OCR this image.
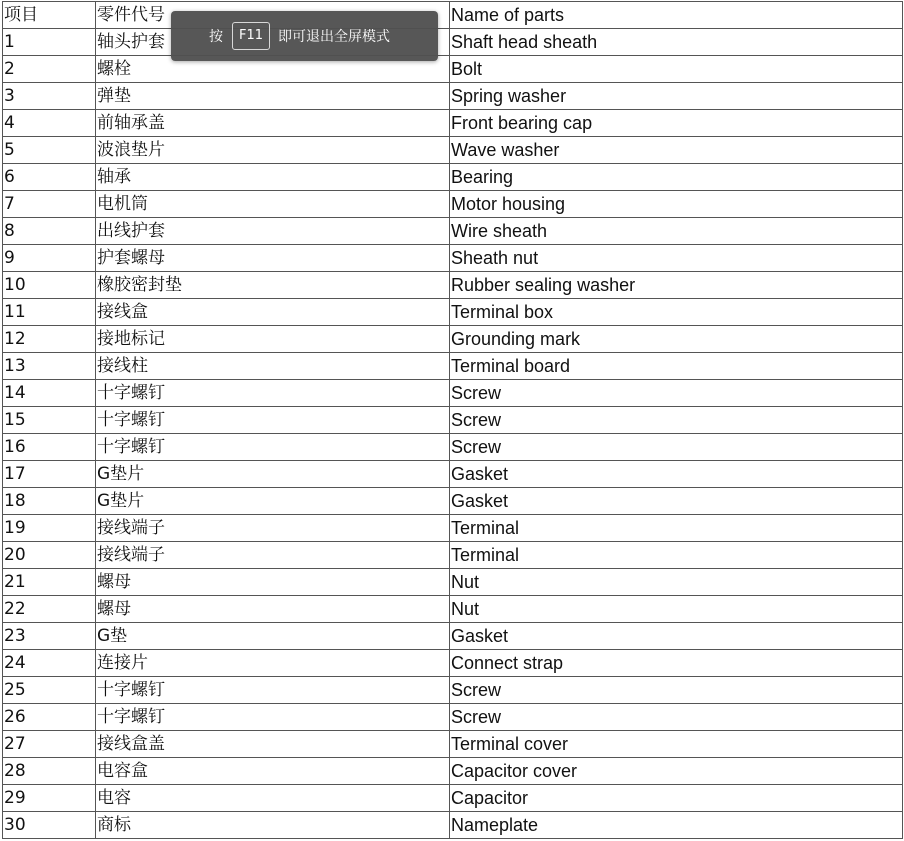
项目	零件代号	Name of parts
1	轴头护套	Shaft head sheath
2	螺栓	Bolt
3	弹垫	Spring washer
4	前轴承盖	Front bearing cap
5	波浪垫片	Wave washer
6	轴承	Bearing
7	电机筒	Motor housing
8	出线护套	Wire sheath
9	护套螺母	Sheath nut
10	橡胶密封垫	Rubber sealing washer
11	接线盒	Terminal box
12	接地标记	Grounding mark
13	接线柱	Terminal board
14	十字螺钉	Screw
15	十字螺钉	Screw
16	十字螺钉	Screw
17	G垫片	Gasket
18	G垫片	Gasket
19	接线端子	Terminal
20	接线端子	Terminal
21	螺母	Nut
22	螺母	Nut
23	G垫	Gasket
24	连接片	Connect strap
25	十字螺钉	Screw
26	十字螺钉	Screw
27	接线盒盖	Terminal cover
28	电容盒	Capacitor cover
29	电容	Capacitor
30	商标	Nameplate
按	F11	即可退出全屏模式
